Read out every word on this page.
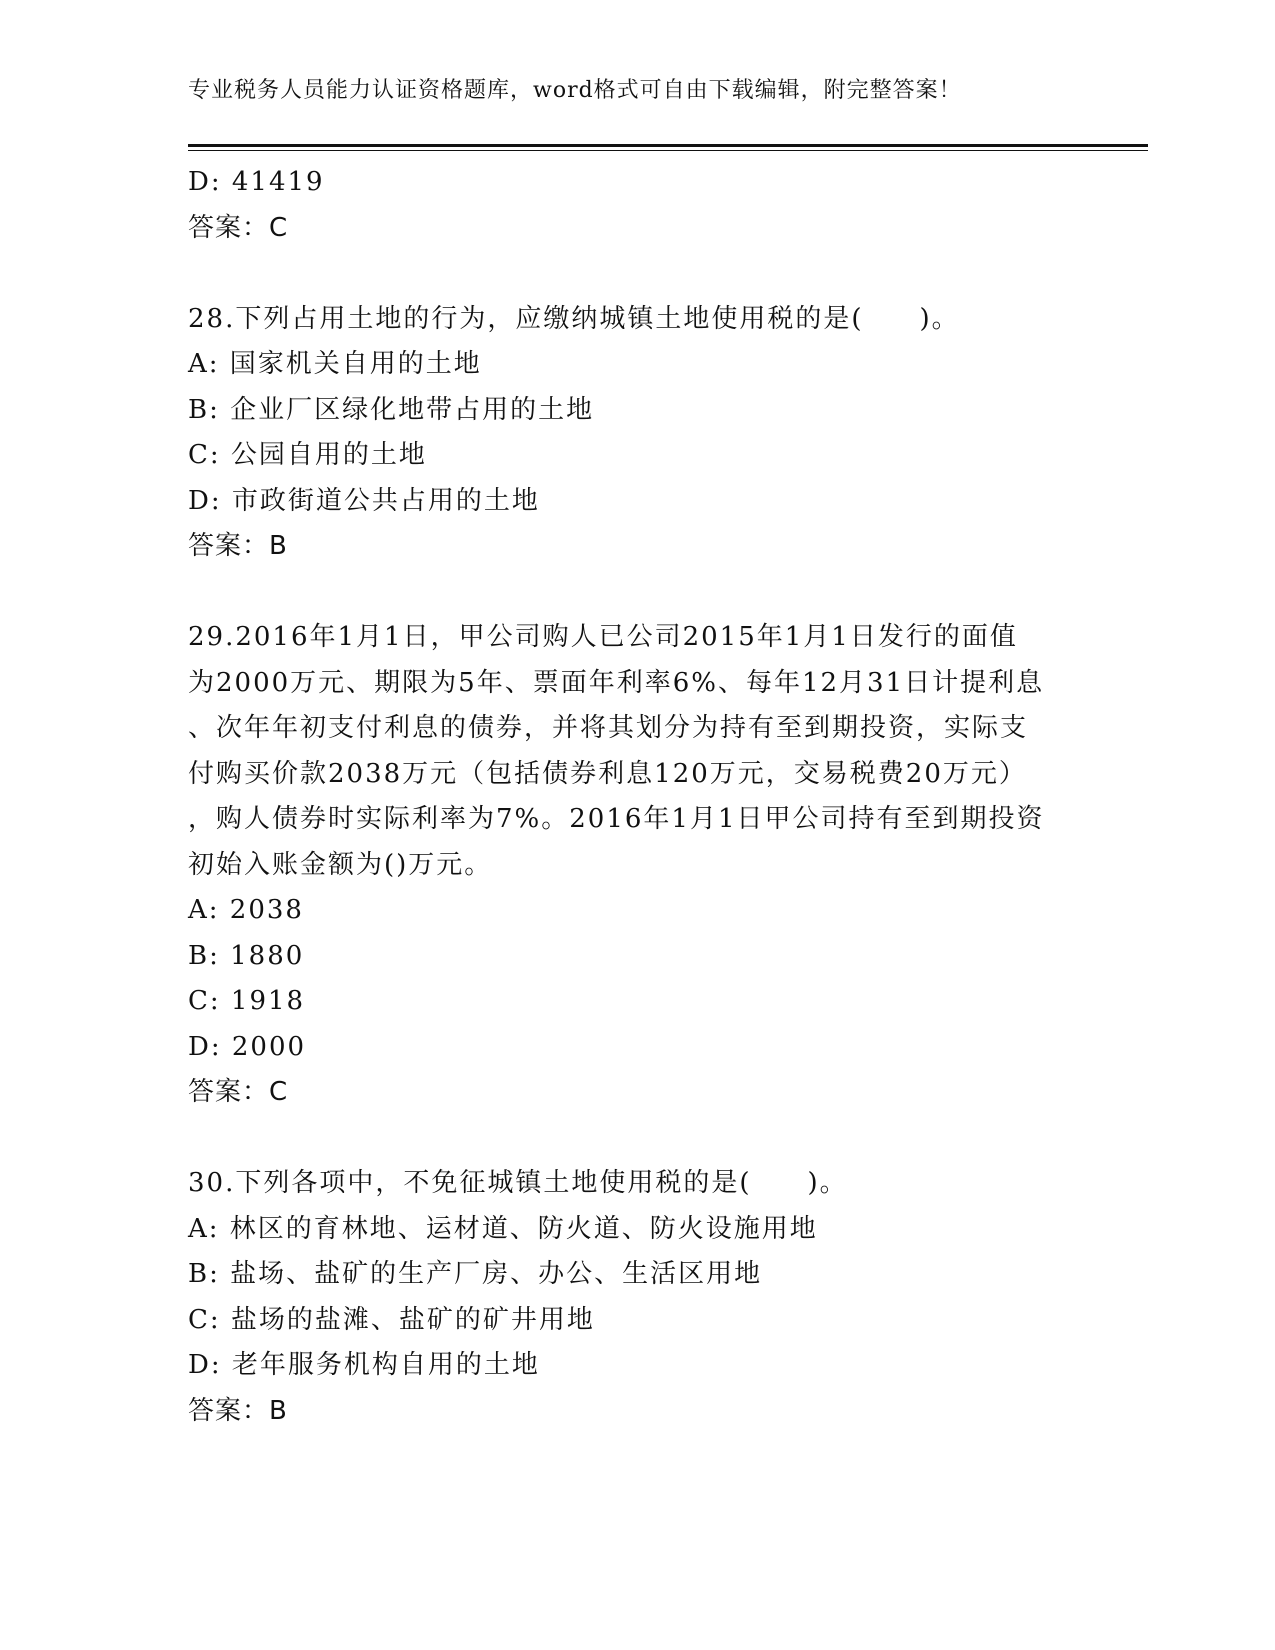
专业税务人员能力认证资格题库，word格式可自由下载编辑，附完整答案！
D: 41419
答案：C
28.下列占用土地的行为，应缴纳城镇土地使用税的是(　　)。
A: 国家机关自用的土地
B: 企业厂区绿化地带占用的土地
C: 公园自用的土地
D: 市政街道公共占用的土地
答案：B
29.2016年1月1日，甲公司购人已公司2015年1月1日发行的面值
为2000万元、期限为5年、票面年利率6%、每年12月31日计提利息
、次年年初支付利息的债券，并将其划分为持有至到期投资，实际支
付购买价款2038万元（包括债券利息120万元，交易税费20万元）
，购人债券时实际利率为7%。2016年1月1日甲公司持有至到期投资
初始入账金额为()万元。
A: 2038
B: 1880
C: 1918
D: 2000
答案：C
30.下列各项中，不免征城镇土地使用税的是(　　)。
A: 林区的育林地、运材道、防火道、防火设施用地
B: 盐场、盐矿的生产厂房、办公、生活区用地
C: 盐场的盐滩、盐矿的矿井用地
D: 老年服务机构自用的土地
答案：B
